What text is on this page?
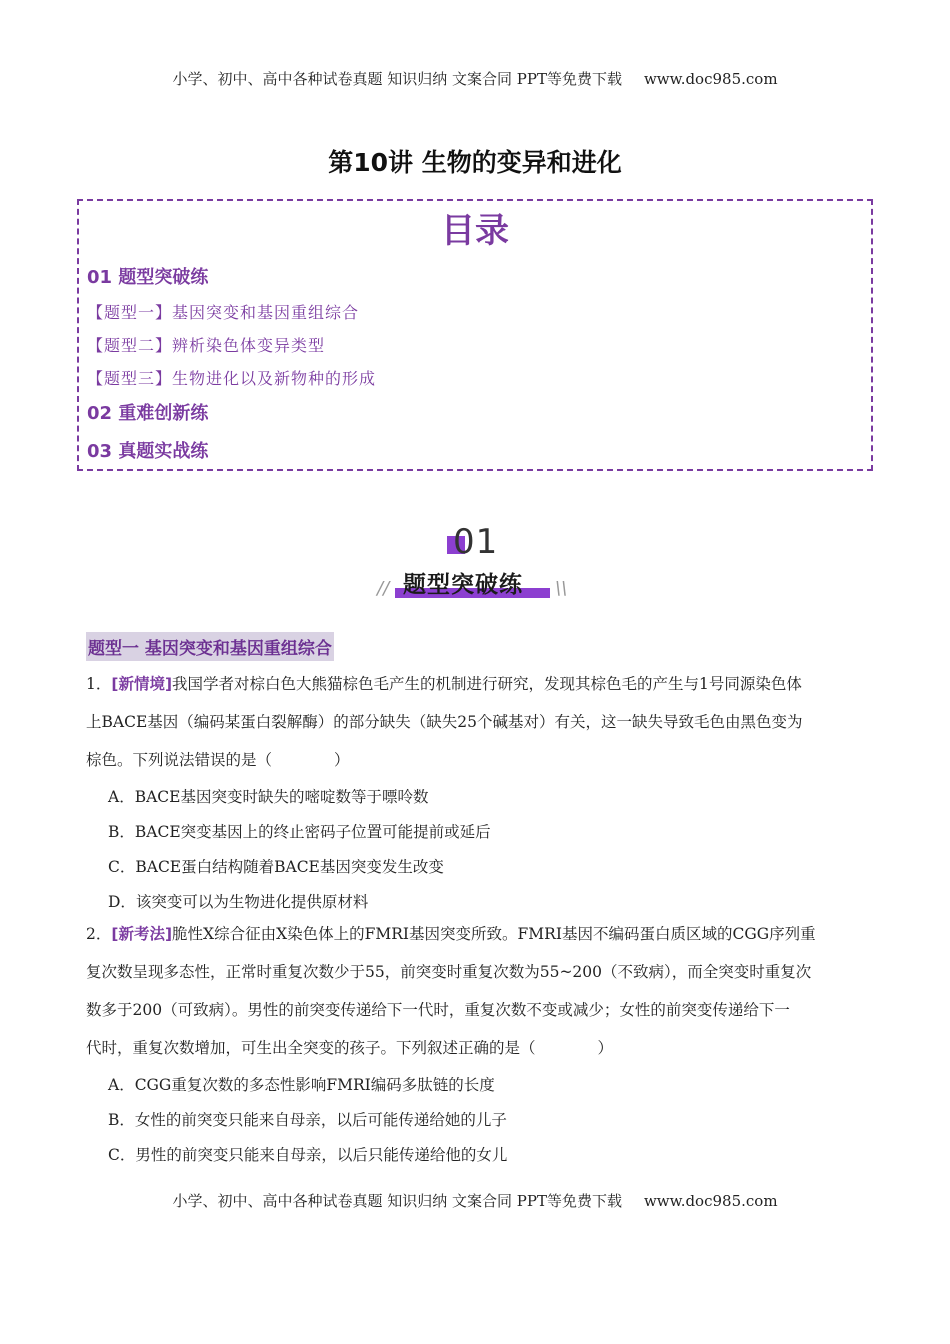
小学、初中、高中各种试卷真题 知识归纳 文案合同 PPT等免费下载 www.doc985.com
第10讲 生物的变异和进化
目录
01 题型突破练
【题型一】基因突变和基因重组综合
【题型二】辨析染色体变异类型
【题型三】生物进化以及新物种的形成
02 重难创新练
03 真题实战练
01
题型突破练
//	\\
题型一 基因突变和基因重组综合
1．[新情境]我国学者对棕白色大熊猫棕色毛产生的机制进行研究，发现其棕色毛的产生与1号同源染色体
上BACE基因（编码某蛋白裂解酶）的部分缺失（缺失25个碱基对）有关，这一缺失导致毛色由黑色变为
棕色。下列说法错误的是（　　　　）
A．BACE基因突变时缺失的嘧啶数等于嘌呤数
B．BACE突变基因上的终止密码子位置可能提前或延后
C．BACE蛋白结构随着BACE基因突变发生改变
D．该突变可以为生物进化提供原材料
2．[新考法]脆性X综合征由X染色体上的FMRI基因突变所致。FMRI基因不编码蛋白质区域的CGG序列重
复次数呈现多态性，正常时重复次数少于55，前突变时重复次数为55~200（不致病），而全突变时重复次
数多于200（可致病）。男性的前突变传递给下一代时，重复次数不变或减少；女性的前突变传递给下一
代时，重复次数增加，可生出全突变的孩子。下列叙述正确的是（　　　　）
A．CGG重复次数的多态性影响FMRI编码多肽链的长度
B．女性的前突变只能来自母亲，以后可能传递给她的儿子
C．男性的前突变只能来自母亲，以后只能传递给他的女儿
小学、初中、高中各种试卷真题 知识归纳 文案合同 PPT等免费下载 www.doc985.com
